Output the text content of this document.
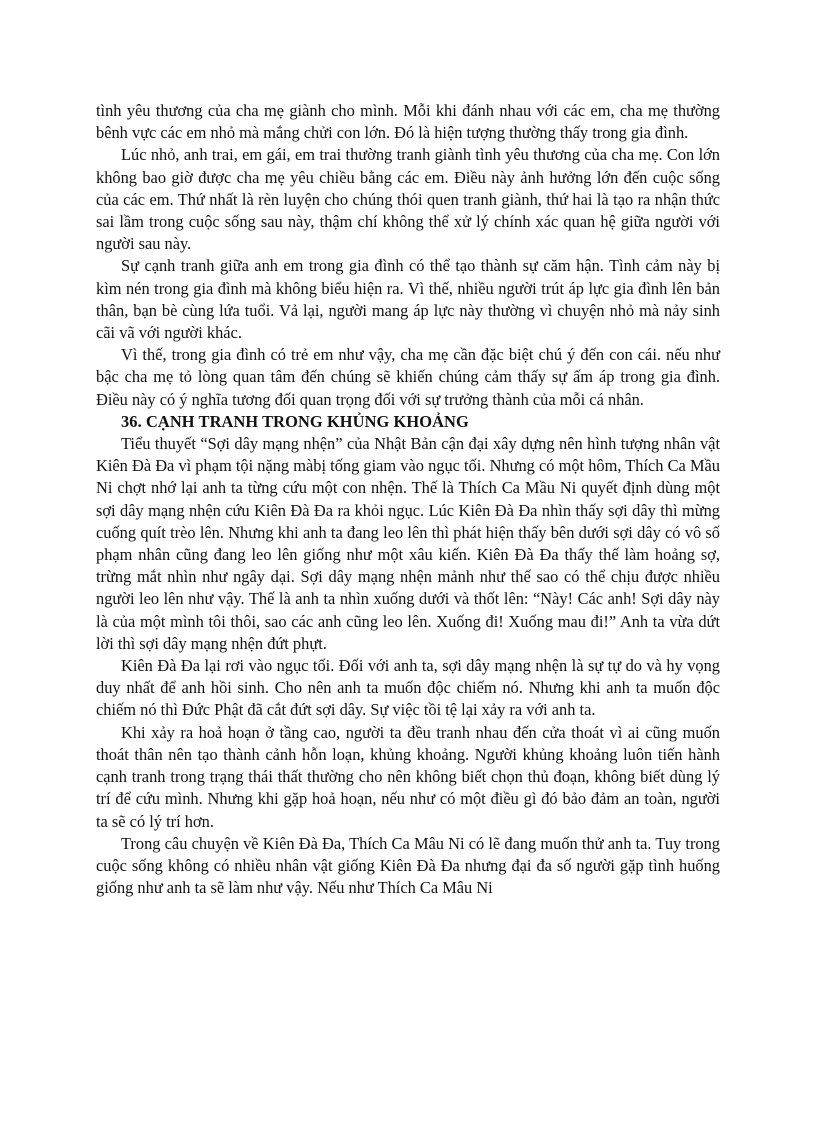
tình yêu thương của cha mẹ giành cho mình. Mỗi khi đánh nhau với các em, cha mẹ thường bênh vực các em nhỏ mà mắng chửi con lớn. Đó là hiện tượng thường thấy trong gia đình.

Lúc nhỏ, anh trai, em gái, em trai thường tranh giành tình yêu thương của cha mẹ. Con lớn không bao giờ được cha mẹ yêu chiều bằng các em. Điều này ảnh hưởng lớn đến cuộc sống của các em. Thứ nhất là rèn luyện cho chúng thói quen tranh giành, thứ hai là tạo ra nhận thức sai lầm trong cuộc sống sau này, thậm chí không thể xử lý chính xác quan hệ giữa người với người sau này.

Sự cạnh tranh giữa anh em trong gia đình có thể tạo thành sự căm hận. Tình cảm này bị kìm nén trong gia đình mà không biểu hiện ra. Vì thế, nhiều người trút áp lực gia đình lên bản thân, bạn bè cùng lứa tuổi. Vả lại, người mang áp lực này thường vì chuyện nhỏ mà nảy sinh cãi vã với người khác.

Vì thế, trong gia đình có trẻ em như vậy, cha mẹ cần đặc biệt chú ý đến con cái. nếu như bậc cha mẹ tỏ lòng quan tâm đến chúng sẽ khiến chúng cảm thấy sự ấm áp trong gia đình. Điều này có ý nghĩa tương đối quan trọng đối với sự trưởng thành của mỗi cá nhân.

36. CẠNH TRANH TRONG KHỦNG KHOẢNG

Tiểu thuyết “Sợi dây mạng nhện” của Nhật Bản cận đại xây dựng nên hình tượng nhân vật Kiên Đà Đa vì phạm tội nặng màbị tống giam vào ngục tối. Nhưng có một hôm, Thích Ca Mầu Ni chợt nhớ lại anh ta từng cứu một con nhện. Thế là Thích Ca Mầu Ni quyết định dùng một sợi dây mạng nhện cứu Kiên Đà Đa ra khỏi ngục. Lúc Kiên Đà Đa nhìn thấy sợi dây thì mừng cuống quít trèo lên. Nhưng khi anh ta đang leo lên thì phát hiện thấy bên dưới sợi dây có vô số phạm nhân cũng đang leo lên giống như một xâu kiến. Kiên Đà Đa thấy thế làm hoảng sợ, trừng mắt nhìn như ngây dại. Sợi dây mạng nhện mảnh như thế sao có thể chịu được nhiều người leo lên như vậy. Thế là anh ta nhìn xuống dưới và thốt lên: “Này! Các anh! Sợi dây này là của một mình tôi thôi, sao các anh cũng leo lên. Xuống đi! Xuống mau đi!” Anh ta vừa dứt lời thì sợi dây mạng nhện đứt phựt.

Kiên Đà Đa lại rơi vào ngục tối. Đối với anh ta, sợi dây mạng nhện là sự tự do và hy vọng duy nhất để anh hồi sinh. Cho nên anh ta muốn độc chiếm nó. Nhưng khi anh ta muốn độc chiếm nó thì Đức Phật đã cắt đứt sợi dây. Sự việc tồi tệ lại xảy ra với anh ta.

Khi xảy ra hoả hoạn ở tầng cao, người ta đều tranh nhau đến cửa thoát vì ai cũng muốn thoát thân nên tạo thành cảnh hỗn loạn, khủng khoảng. Người khủng khoảng luôn tiến hành cạnh tranh trong trạng thái thất thường cho nên không biết chọn thủ đoạn, không biết dùng lý trí để cứu mình. Nhưng khi gặp hoả hoạn, nếu như có một điều gì đó bảo đảm an toàn, người ta sẽ có lý trí hơn.

Trong câu chuyện về Kiên Đà Đa, Thích Ca Mâu Ni có lẽ đang muốn thử anh ta. Tuy trong cuộc sống không có nhiều nhân vật giống Kiên Đà Đa nhưng đại đa số người gặp tình huống giống như anh ta sẽ làm như vậy. Nếu như Thích Ca Mâu Ni
